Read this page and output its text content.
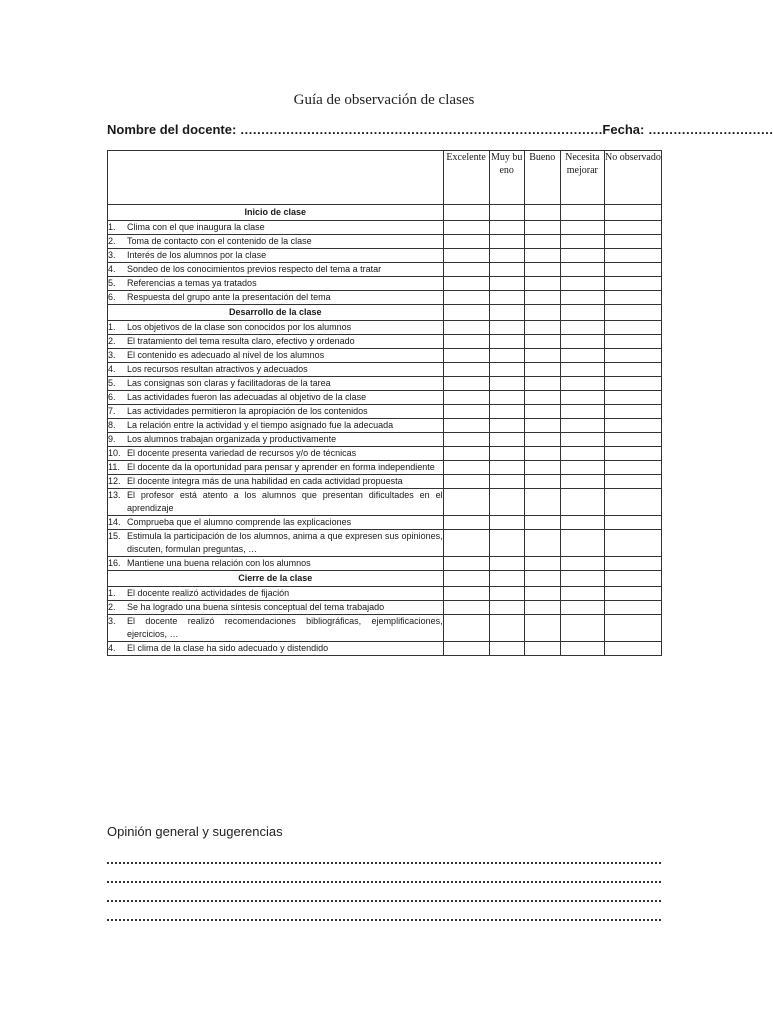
Guía de observación de clases
Nombre del docente: …………………………………………………………………………… Fecha: …………………………
	Excelente	Muy bueno	Bueno	Necesita mejorar	No observado
Inicio de clase					

1. Clima con el que inaugura la clase					

2. Toma de contacto con el contenido de la clase					

3. Interés de los alumnos por la clase					

4. Sondeo de los conocimientos previos respecto del tema a tratar					

5. Referencias a temas ya tratados					

6. Respuesta del grupo ante la presentación del tema					

Desarrollo de la clase					

1. Los objetivos de la clase son conocidos por los alumnos					

2. El tratamiento del tema resulta claro, efectivo y ordenado					

3. El contenido es adecuado al nivel de los alumnos					

4. Los recursos resultan atractivos y adecuados					

5. Las consignas son claras y facilitadoras de la tarea					

6. Las actividades fueron las adecuadas al objetivo de la clase					

7. Las actividades permitieron la apropiación de los contenidos					

8. La relación entre la actividad y el tiempo asignado fue la adecuada					

9. Los alumnos trabajan organizada y productivamente					

10. El docente presenta variedad de recursos y/o de técnicas					

11. El docente da la oportunidad para pensar y aprender en forma independiente					

12. El docente integra más de una habilidad en cada actividad propuesta					

13. El profesor está atento a los alumnos que presentan dificultades en el aprendizaje					

14. Comprueba que el alumno comprende las explicaciones					

15. Estimula la participación de los alumnos, anima a que expresen sus opiniones, discuten, formulan preguntas, …					

16. Mantiene una buena relación con los alumnos					

Cierre de la clase					

1. El docente realizó actividades de fijación					

2. Se ha logrado una buena síntesis conceptual del tema trabajado					

3. El docente realizó recomendaciones bibliográficas, ejemplificaciones, ejercicios, …					

4. El clima de la clase ha sido adecuado y distendido					

Opinión general y sugerencias
